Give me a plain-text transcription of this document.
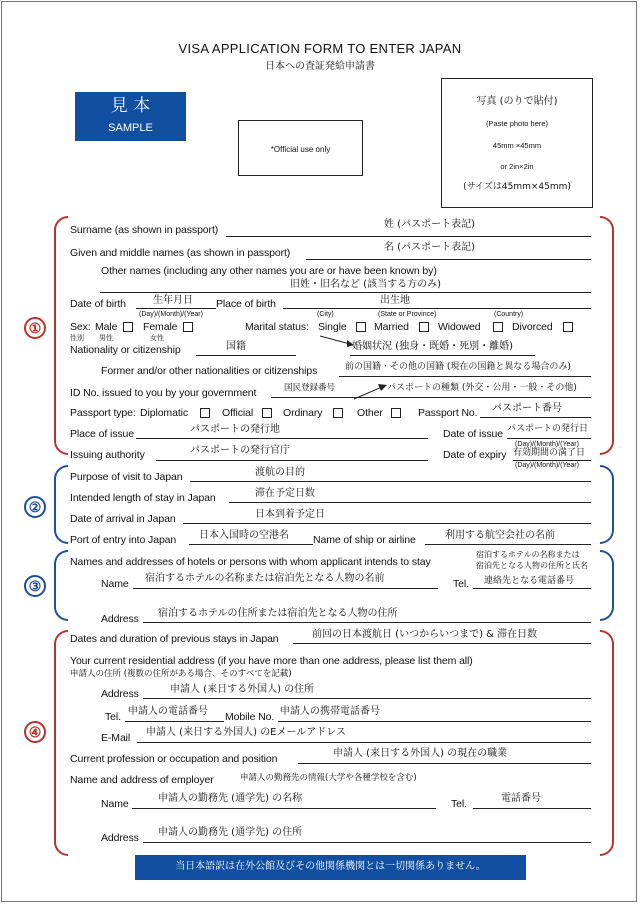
VISA APPLICATION FORM TO ENTER JAPAN
日本への査証発給申請書
見 本
SAMPLE
*Official use only
写真 (のりで貼付)
(Paste photo here)
45mm ×45mm
or 2in×2in
(サイズは45mm×45mm)
①
②
③
④
Surname (as shown in passport)	姓 (パスポート表記)
Given and middle names (as shown in passport)	名 (パスポート表記)
Other names (including any other names you are or have been known by)
旧姓・旧名など (該当する方のみ)
Date of birth	生年月日
(Day)/(Month)/(Year)
Place of birth	出生地
(City)	(State or Province)	(Country)
Sex: Male Female
性別 男性	女性
Marital status: Single	Married	Widowed	Divorced
Nationality or citizenship	国籍	婚姻状況 (独身・既婚・死別・離婚)
Former and/or other nationalities or citizenships	前の国籍・その他の国籍 (現在の国籍と異なる場合のみ)
ID No. issued to you by your government	国民登録番号	パスポートの種類 (外交・公用・一般・その他)
Passport type: Diplomatic	Official	Ordinary	Other	Passport No. パスポート番号
Place of issue	パスポートの発行地	Date of issue パスポートの発行日
(Day)/(Month)/(Year)
Issuing authority	パスポートの発行官庁	Date of expiry 有効期間の満了日
(Day)/(Month)/(Year)
Purpose of visit to Japan	渡航の目的
Intended length of stay in Japan	滞在予定日数
Date of arrival in Japan	日本到着予定日
Port of entry into Japan 日本入国時の空港名 Name of ship or airline	利用する航空会社の名前
Names and addresses of hotels or persons with whom applicant intends to stay
宿泊するホテルの名称または
宿泊先となる人物の住所と氏名
Name 宿泊するホテルの名称または宿泊先となる人物の名前	Tel. 連絡先となる電話番号
Address 宿泊するホテルの住所または宿泊先となる人物の住所
Dates and duration of previous stays in Japan	前回の日本渡航日 (いつからいつまで) & 滞在日数
Your current residential address (if you have more than one address, please list them all)
申請人の住所 (複数の住所がある場合、そのすべてを記載)
Address	申請人 (来日する外国人) の住所
Tel. 申請人の電話番号 Mobile No. 申請人の携帯電話番号
E-Mail 申請人 (来日する外国人) のEメールアドレス
Current profession or occupation and position	申請人 (来日する外国人) の現在の職業
Name and address of employer	申請人の勤務先の情報(大学や各種学校を含む)
Name	申請人の勤務先 (通学先) の名称	Tel.	電話番号
Address 申請人の勤務先 (通学先) の住所
当日本語訳は在外公館及びその他関係機関とは一切関係ありません。
